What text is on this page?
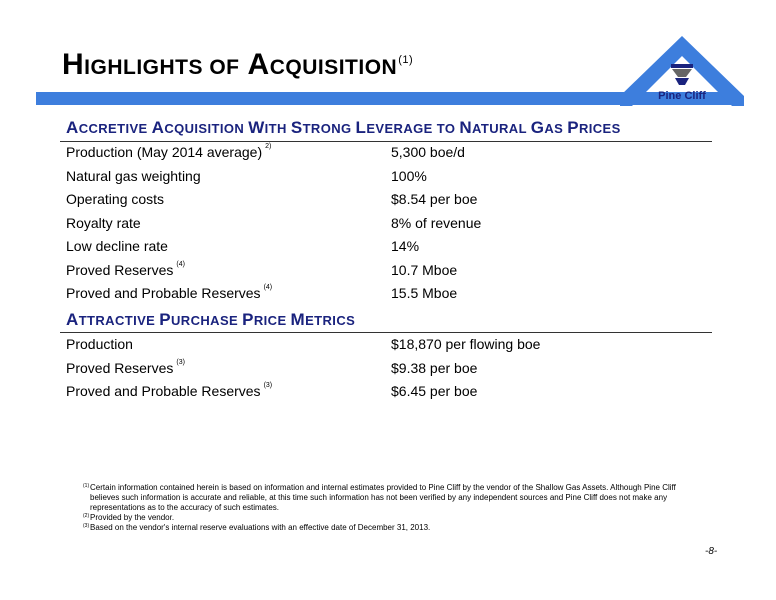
HIGHLIGHTS OF ACQUISITION$^{(1)}$
Pine Cliff
ACCRETIVE ACQUISITION WITH STRONG LEVERAGE TO NATURAL GAS PRICES
Production (May 2014 average) $^{2)}$	5,300 boe/d
Natural gas weighting	100%
Operating costs	$8.54 per boe
Royalty rate	8% of revenue
Low decline rate	14%
Proved Reserves $^{(4)}$	10.7 Mboe
Proved and Probable Reserves $^{(4)}$	15.5 Mboe
ATTRACTIVE PURCHASE PRICE METRICS
Production	$18,870 per flowing boe
Proved Reserves $^{(3)}$	$9.38 per boe
Proved and Probable Reserves $^{(3)}$	$6.45 per boe
(1) Certain information contained herein is based on information and internal estimates provided to Pine Cliff by the vendor of the Shallow Gas Assets. Although Pine Cliff believes such information is accurate and reliable, at this time such information has not been verified by any independent sources and Pine Cliff does not make any representations as to the accuracy of such estimates.
(2) Provided by the vendor.
(3) Based on the vendor's internal reserve evaluations with an effective date of December 31, 2013.
-8-
